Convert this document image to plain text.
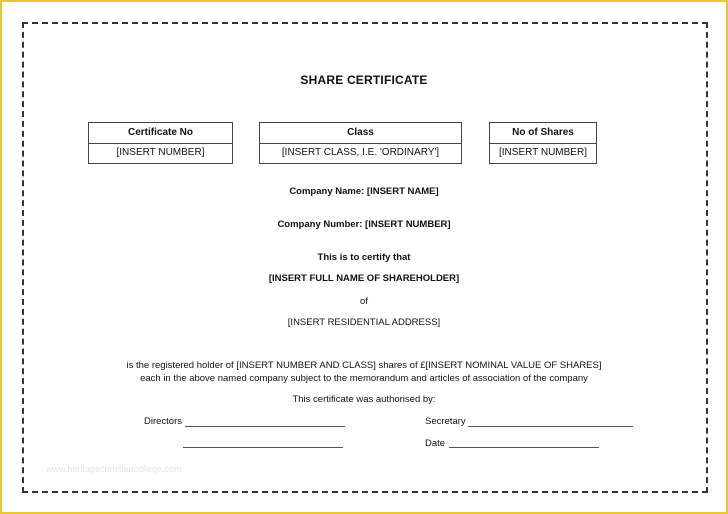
SHARE CERTIFICATE
Certificate No
[INSERT NUMBER]
Class
[INSERT CLASS, I.E. 'ORDINARY']
No of Shares
[INSERT NUMBER]
Company Name: [INSERT NAME]
Company Number: [INSERT NUMBER]
This is to certify that
[INSERT FULL NAME OF SHAREHOLDER]
of
[INSERT RESIDENTIAL ADDRESS]
is the registered holder of [INSERT NUMBER AND CLASS] shares of £[INSERT NOMINAL VALUE OF SHARES]
each in the above named company subject to the memorandum and articles of association of the company
This certificate was authorised by:
Directors	Secretary
Date
www.heritagechristiancollege.com
